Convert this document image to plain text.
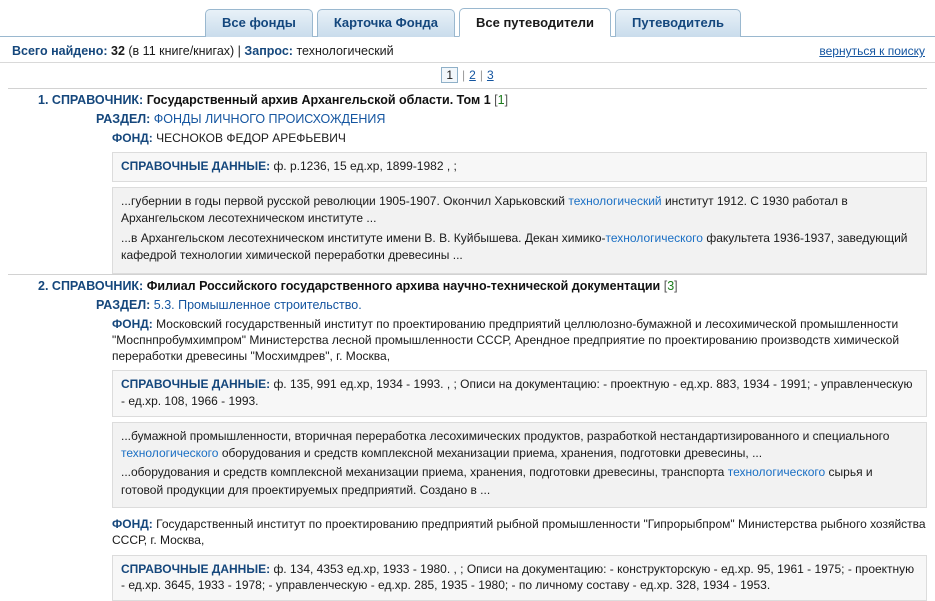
Все фонды	Карточка Фонда	Все путеводители	Путеводитель
Всего найдено: 32 (в 11 книге/книгах) | Запрос: технологический	вернуться к поиску
1 | 2 | 3
1. СПРАВОЧНИК: Государственный архив Архангельской области. Том 1 [1]
РАЗДЕЛ: ФОНДЫ ЛИЧНОГО ПРОИСХОЖДЕНИЯ
ФОНД: ЧЕСНОКОВ ФЕДОР АРЕФЬЕВИЧ
СПРАВОЧНЫЕ ДАННЫЕ: ф. р.1236, 15 ед.хр, 1899-1982 , ;
...губернии в годы первой русской революции 1905-1907. Окончил Харьковский технологический институт 1912. С 1930 работал в Архангельском лесотехническом институте ...
...в Архангельском лесотехническом институте имени В. В. Куйбышева. Декан химико-технологического факультета 1936-1937, заведующий кафедрой технологии химической переработки древесины ...
2. СПРАВОЧНИК: Филиал Российского государственного архива научно-технической документации [3]
РАЗДЕЛ: 5.3. Промышленное строительство.
ФОНД: Московский государственный институт по проектированию предприятий целлюлозно-бумажной и лесохимической промышленности "Моспнпробумхимпром" Министерства лесной промышленности СССР, Арендное предприятие по проектированию производств химической переработки древесины "Мосхимдрев", г. Москва,
СПРАВОЧНЫЕ ДАННЫЕ: ф. 135, 991 ед.хр, 1934 - 1993. , ; Описи на документацию: - проектную - ед.хр. 883, 1934 - 1991; - управленческую - ед.хр. 108, 1966 - 1993.
...бумажной промышленности, вторичная переработка лесохимических продуктов, разработкой нестандартизированного и специального технологического оборудования и средств комплексной механизации приема, хранения, подготовки древесины, ...
...оборудования и средств комплексной механизации приема, хранения, подготовки древесины, транспорта технологического сырья и готовой продукции для проектируемых предприятий. Создано в ...
ФОНД: Государственный институт по проектированию предприятий рыбной промышленности "Гипрорыбпром" Министерства рыбного хозяйства СССР, г. Москва,
СПРАВОЧНЫЕ ДАННЫЕ: ф. 134, 4353 ед.хр, 1933 - 1980. , ; Описи на документацию: - конструкторскую - ед.хр. 95, 1961 - 1975; - проектную - ед.хр. 3645, 1933 - 1978; - управленческую - ед.хр. 285, 1935 - 1980; - по личному составу - ед.хр. 328, 1934 - 1953.
